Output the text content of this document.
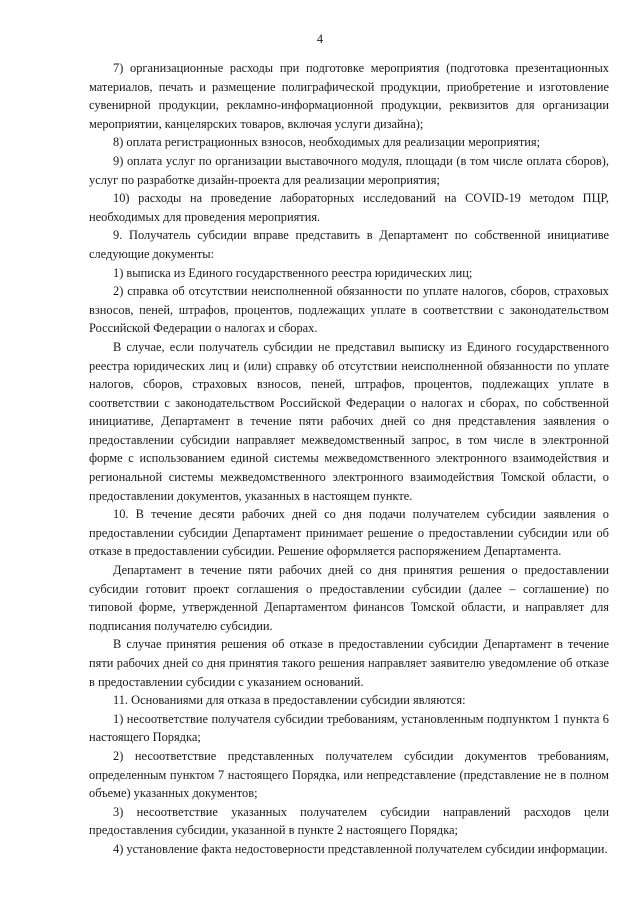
4

7) организационные расходы при подготовке мероприятия (подготовка презентационных материалов, печать и размещение полиграфической продукции, приобретение и изготовление сувенирной продукции, рекламно-информационной продукции, реквизитов для организации мероприятии, канцелярских товаров, включая услуги дизайна);

8) оплата регистрационных взносов, необходимых для реализации мероприятия;

9) оплата услуг по организации выставочного модуля, площади (в том числе оплата сборов), услуг по разработке дизайн-проекта для реализации мероприятия;

10) расходы на проведение лабораторных исследований на COVID-19 методом ПЦР, необходимых для проведения мероприятия.

9. Получатель субсидии вправе представить в Департамент по собственной инициативе следующие документы:

1) выписка из Единого государственного реестра юридических лиц;

2) справка об отсутствии неисполненной обязанности по уплате налогов, сборов, страховых взносов, пеней, штрафов, процентов, подлежащих уплате в соответствии с законодательством Российской Федерации о налогах и сборах.

В случае, если получатель субсидии не представил выписку из Единого государственного реестра юридических лиц и (или) справку об отсутствии неисполненной обязанности по уплате налогов, сборов, страховых взносов, пеней, штрафов, процентов, подлежащих уплате в соответствии с законодательством Российской Федерации о налогах и сборах, по собственной инициативе, Департамент в течение пяти рабочих дней со дня представления заявления о предоставлении субсидии направляет межведомственный запрос, в том числе в электронной форме с использованием единой системы межведомственного электронного взаимодействия и региональной системы межведомственного электронного взаимодействия Томской области, о предоставлении документов, указанных в настоящем пункте.

10. В течение десяти рабочих дней со дня подачи получателем субсидии заявления о предоставлении субсидии Департамент принимает решение о предоставлении субсидии или об отказе в предоставлении субсидии. Решение оформляется распоряжением Департамента.

Департамент в течение пяти рабочих дней со дня принятия решения о предоставлении субсидии готовит проект соглашения о предоставлении субсидии (далее – соглашение) по типовой форме, утвержденной Департаментом финансов Томской области, и направляет для подписания получателю субсидии.

В случае принятия решения об отказе в предоставлении субсидии Департамент в течение пяти рабочих дней со дня принятия такого решения направляет заявителю уведомление об отказе в предоставлении субсидии с указанием оснований.

11. Основаниями для отказа в предоставлении субсидии являются:

1) несоответствие получателя субсидии требованиям, установленным подпунктом 1 пункта 6 настоящего Порядка;

2) несоответствие представленных получателем субсидии документов требованиям, определенным пунктом 7 настоящего Порядка, или непредставление (представление не в полном объеме) указанных документов;

3) несоответствие указанных получателем субсидии направлений расходов цели предоставления субсидии, указанной в пункте 2 настоящего Порядка;

4) установление факта недостоверности представленной получателем субсидии информации.
